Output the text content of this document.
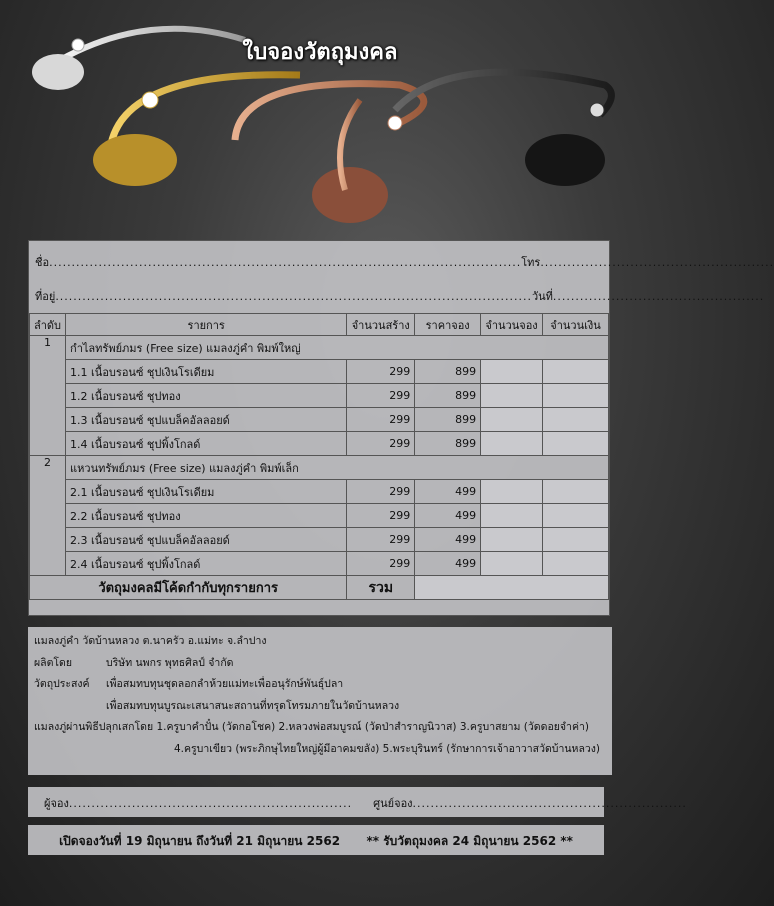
ใบจองวัตถุมงคล
ชื่อ.........................................................................................................โทร....................................................
ที่อยู่..........................................................................................................วันที่...............................................
ลำดับ	รายการ	จำนวนสร้าง	ราคาจอง	จำนวนจอง	จำนวนเงิน
1	กำไลทรัพย์ภมร (Free size) แมลงภู่คำ พิมพ์ใหญ่				
	1.1 เนื้อบรอนซ์ ชุปเงินโรเดียม	299	899		
	1.2 เนื้อบรอนซ์ ชุปทอง	299	899		
	1.3 เนื้อบรอนซ์ ชุปแบล็คอัลลอยด์	299	899		
	1.4 เนื้อบรอนซ์ ชุปพิ้งโกลด์	299	899		
2	แหวนทรัพย์ภมร (Free size) แมลงภู่คำ พิมพ์เล็ก				
	2.1 เนื้อบรอนซ์ ชุปเงินโรเดียม	299	499		
	2.2 เนื้อบรอนซ์ ชุปทอง	299	499		
	2.3 เนื้อบรอนซ์ ชุปแบล็คอัลลอยด์	299	499		
	2.4 เนื้อบรอนซ์ ชุปพิ้งโกลด์	299	499		
วัตถุมงคลมีโค้ดกำกับทุกรายการ		รวม			
แมลงภู่คำ วัดบ้านหลวง ต.นาครัว อ.แม่ทะ จ.ลำปาง
ผลิตโดย	บริษัท นพกร พุทธศิลป์ จำกัด
วัตถุประสงค์ เพื่อสมทบทุนชุดลอกลำห้วยแม่ทะเพื่ออนุรักษ์พันธุ์ปลา
เพื่อสมทบทุนบูรณะเสนาสนะสถานที่ทรุดโทรมภายในวัดบ้านหลวง
แมลงภู่ผ่านพิธีปลุกเสกโดย 1.ครูบาคำปั๋น (วัดกอโชค) 2.หลวงพ่อสมบูรณ์ (วัดป่าสำราญนิวาส) 3.ครูบาสยาม (วัดดอยจำค่า)
4.ครูบาเขียว (พระภิกษุไทยใหญ่ผู้มีอาคมขลัง) 5.พระบุรินทร์ (รักษาการเจ้าอาวาสวัดบ้านหลวง)
ผู้จอง............................................................... ศูนย์จอง.............................................................
เปิดจองวันที่ 19 มิถุนายน ถึงวันที่ 21 มิถุนายน 2562 ** รับวัตถุมงคล 24 มิถุนายน 2562 **
